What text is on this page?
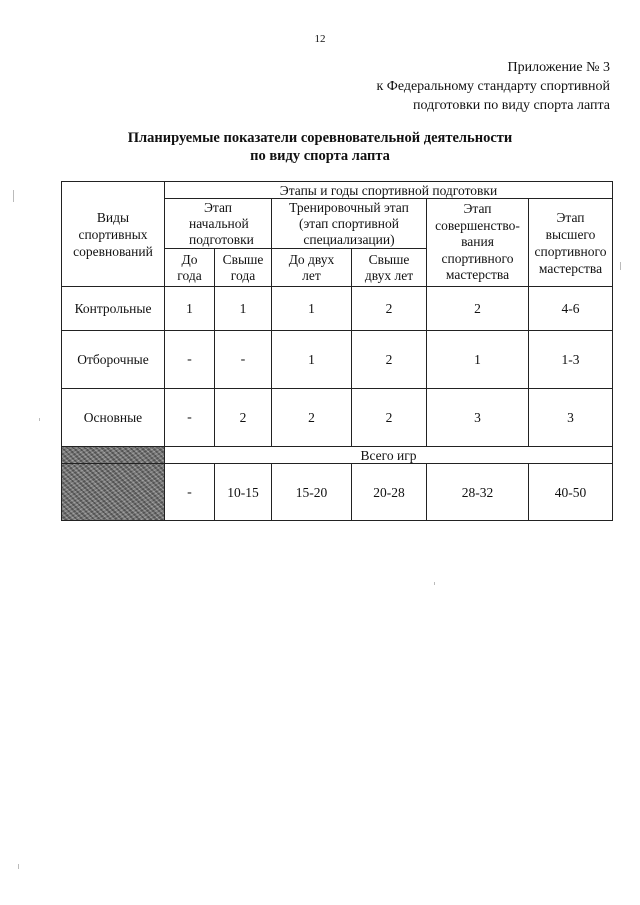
12
Приложение № 3
к Федеральному стандарту спортивной
подготовки по виду спорта лапта
Планируемые показатели соревновательной деятельности
по виду спорта лапта
Виды спортивных соревнований	Этапы и годы спортивной подготовки					
	Этап начальной подготовки		Тренировочный этап (этап спортивной специализации)		Этап совершенство-вания спортивного мастерства	Этап высшего спортивного мастерства
	До года	Свыше года	До двух лет	Свыше двух лет		
Контрольные	1	1	1	2	2	4-6
Отборочные	-	-	1	2	1	1-3
Основные	-	2	2	2	3	3
	Всего игр					
	-	10-15	15-20	20-28	28-32	40-50
